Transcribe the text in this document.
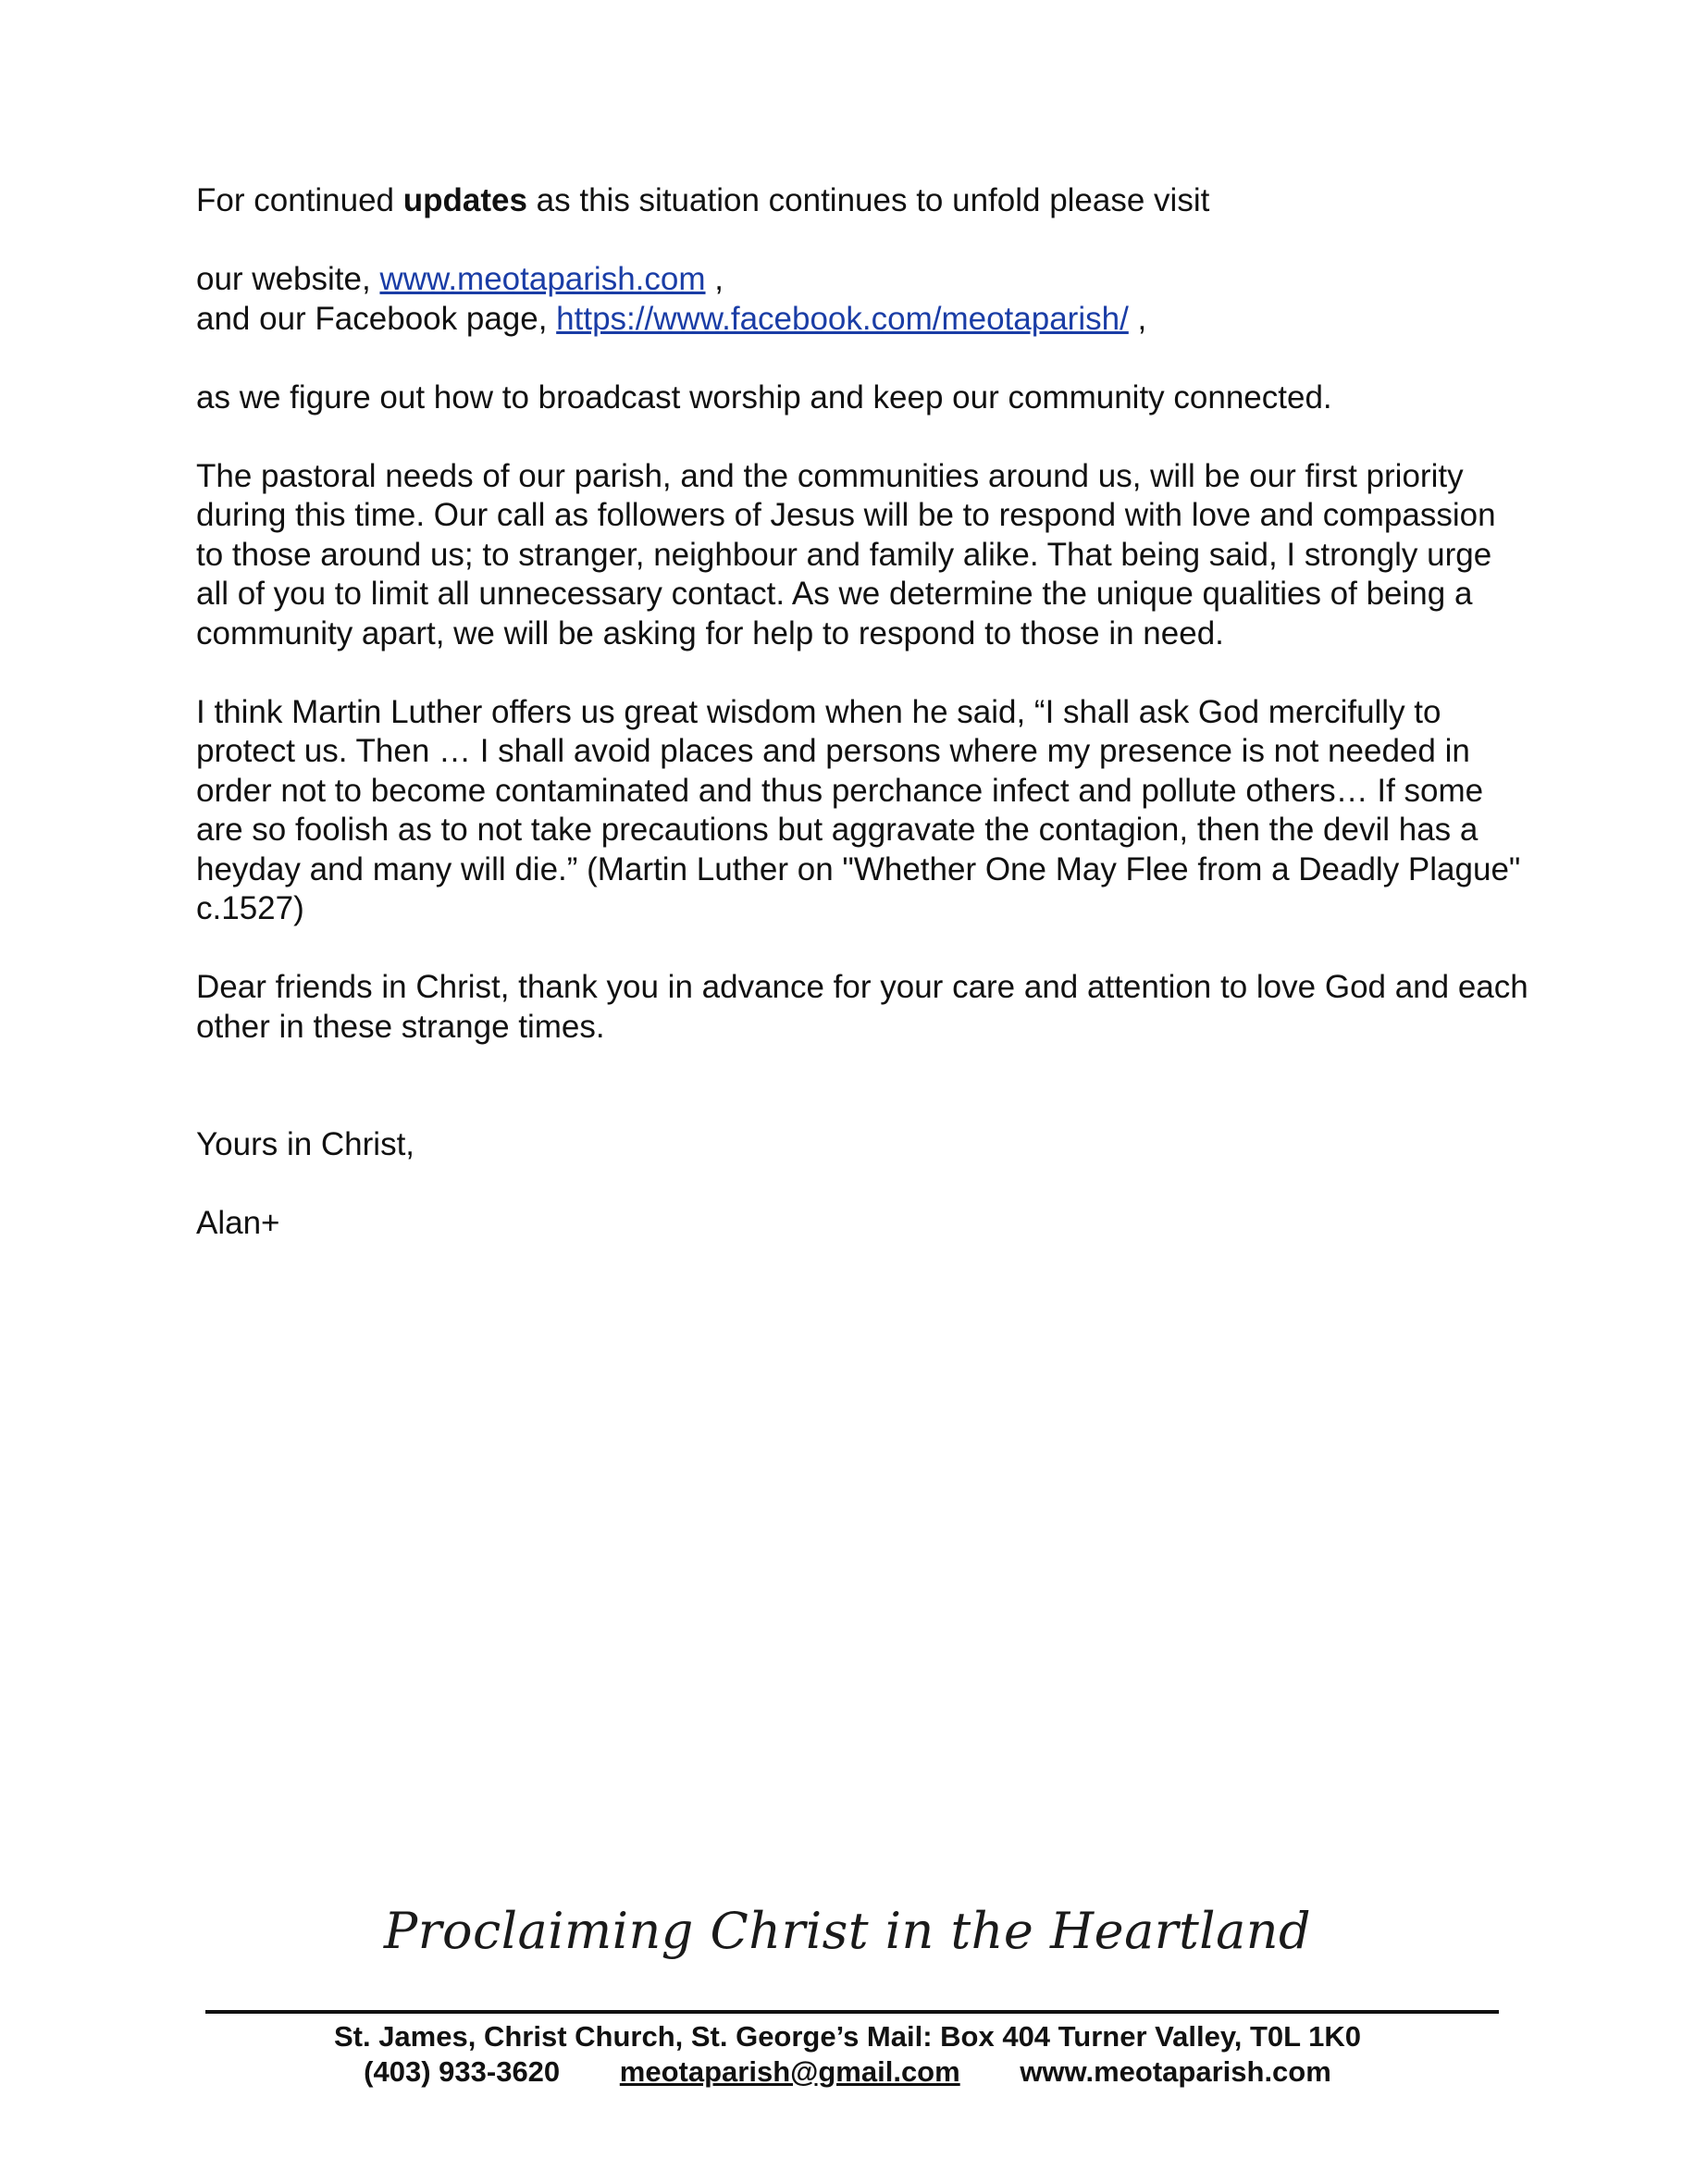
For continued updates as this situation continues to unfold please visit

our website, www.meotaparish.com ,

and our Facebook page, https://www.facebook.com/meotaparish/ ,

as we figure out how to broadcast worship and keep our community connected.

The pastoral needs of our parish, and the communities around us, will be our first priority during this time. Our call as followers of Jesus will be to respond with love and compassion to those around us; to stranger, neighbour and family alike. That being said, I strongly urge all of you to limit all unnecessary contact. As we determine the unique qualities of being a community apart, we will be asking for help to respond to those in need.

I think Martin Luther offers us great wisdom when he said, “I shall ask God mercifully to protect us. Then … I shall avoid places and persons where my presence is not needed in order not to become contaminated and thus perchance infect and pollute others… If some are so foolish as to not take precautions but aggravate the contagion, then the devil has a heyday and many will die.” (Martin Luther on "Whether One May Flee from a Deadly Plague" c.1527)

Dear friends in Christ, thank you in advance for your care and attention to love God and each other in these strange times.

Yours in Christ,

Alan+

Proclaiming Christ in the Heartland
St. James, Christ Church, St. George’s Mail: Box 404 Turner Valley, T0L 1K0
(403) 933-3620 meotaparish@gmail.com www.meotaparish.com
